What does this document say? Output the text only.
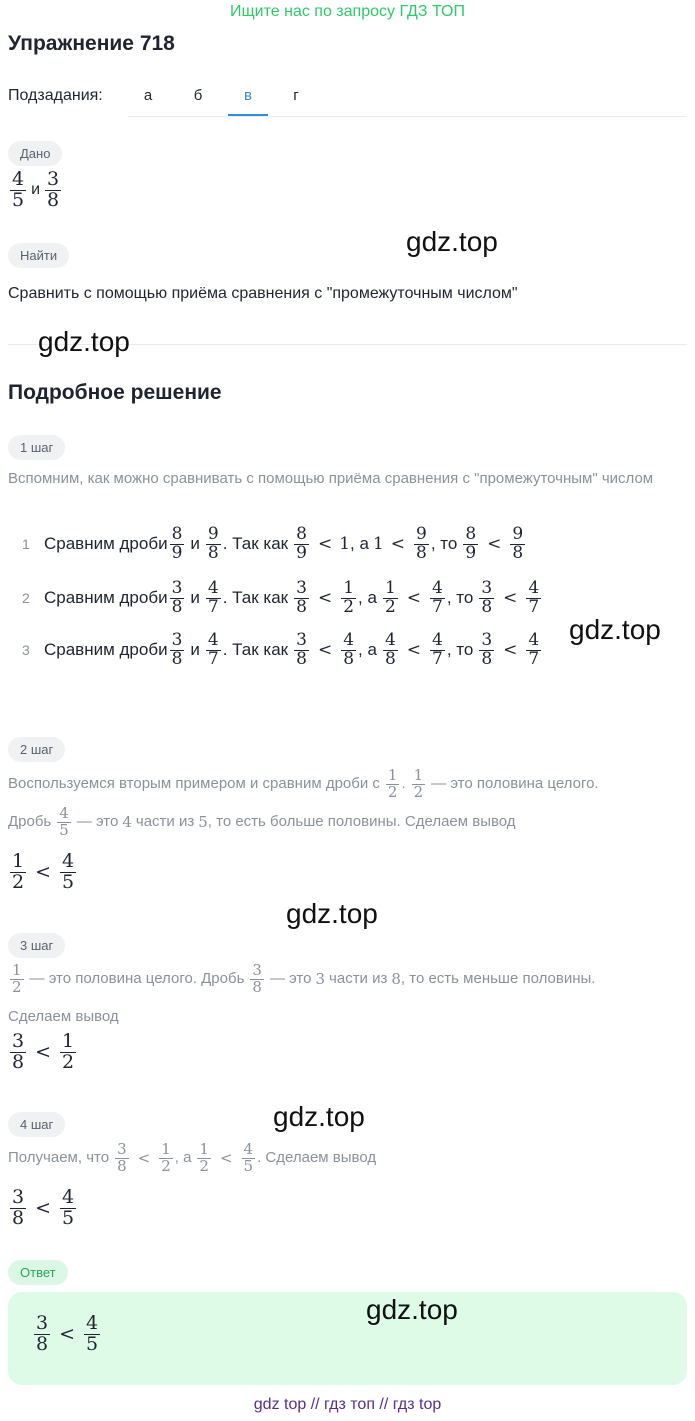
Ищите нас по запросу ГДЗ ТОП
Упражнение 718
Подзадания:	а	б	в	г
Дано
$\frac{4}{5}$ и $\frac{3}{8}$
Найти
Сравнить с помощью приёма сравнения с "промежуточным числом"
Подробное решение
1 шаг
Вспомним, как можно сравнивать с помощью приёма сравнения с "промежуточным" числом
1 Сравним дроби $\frac{8}{9}$ и $\frac{9}{8}$ . Так как $\frac{8}{9} < 1$ , а $1 < \frac{9}{8}$ , то $\frac{8}{9} < \frac{9}{8}$
2 Сравним дроби $\frac{3}{8}$ и $\frac{4}{7}$ . Так как $\frac{3}{8} < \frac{1}{2}$ , а $\frac{1}{2} < \frac{4}{7}$ , то $\frac{3}{8} < \frac{4}{7}$
3 Сравним дроби $\frac{3}{8}$ и $\frac{4}{7}$ . Так как $\frac{3}{8} < \frac{4}{8}$ , а $\frac{4}{8} < \frac{4}{7}$ , то $\frac{3}{8} < \frac{4}{7}$
2 шаг
Воспользуемся вторым примером и сравним дроби с $\frac{1}{2}$ . $\frac{1}{2}$ — это половина целого.
Дробь $\frac{4}{5}$ — это 4 части из 5 , то есть больше половины. Сделаем вывод
$\frac{1}{2} < \frac{4}{5}$
3 шаг
$\frac{1}{2}$ — это половина целого. Дробь $\frac{3}{8}$ — это 3 части из 8 , то есть меньше половины.
Сделаем вывод
$\frac{3}{8} < \frac{1}{2}$
4 шаг
Получаем, что $\frac{3}{8} < \frac{1}{2}$ , а $\frac{1}{2} < \frac{4}{5}$ . Сделаем вывод
$\frac{3}{8} < \frac{4}{5}$
Ответ
$\frac{3}{8} < \frac{4}{5}$
gdz.top
gdz.top
gdz.top
gdz.top
gdz.top
gdz.top
gdz top // гдз топ // гдз top
